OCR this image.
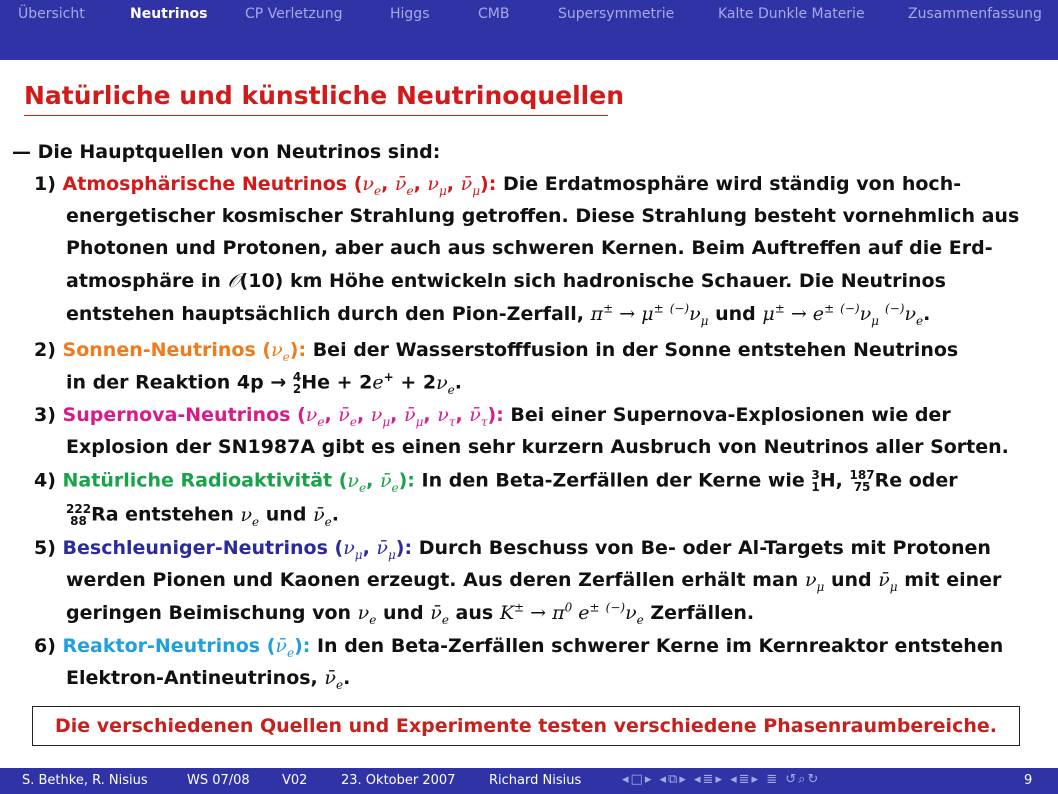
Übersicht	Neutrinos	CP Verletzung	Higgs	CMB	Supersymmetrie	Kalte Dunkle Materie	Zusammenfassung
Natürliche und künstliche Neutrinoquellen
— Die Hauptquellen von Neutrinos sind:
1) Atmosphärische Neutrinos ($\nu_e$, $\nū_e$, $\nu_\mu$, $\nū_\mu$): Die Erdatmosphäre wird ständig von hoch-
energetischer kosmischer Strahlung getroffen. Diese Strahlung besteht vornehmlich aus
Photonen und Protonen, aber auch aus schweren Kernen. Beim Auftreffen auf die Erd-
atmosphäre in 𝒪(10) km Höhe entwickeln sich hadronische Schauer. Die Neutrinos
entstehen hauptsächlich durch den Pion-Zerfall, π± → μ± $^{(-)}\nu_\mu$ und μ± → e± $^{(-)}\nu_\mu$ $^{(-)}\nu_e$.
2) Sonnen-Neutrinos $(\nu_e)$: Bei der Wasserstofffusion in der Sonne entstehen Neutrinos
in der Reaktion 4p → 4
$2He + 2e^+ + 2\nu_e$.
3) Supernova-Neutrinos ($\nu_e$, $\nū_e$, $\nu_\mu$, $\nū_\mu$, $\nu_\tau$, $\nū_\tau$): Bei einer Supernova-Explosionen wie der
Explosion der SN1987A gibt es einen sehr kurzern Ausbruch von Neutrinos aller Sorten.
4) Natürliche Radioaktivität ($\nu_e$, $\nū_e$): In den Beta-Zerfällen der Kerne wie 3
1H, 187
75 Re oder
222
88 Ra entstehen $\nu_e$ und $\nū_e$.
5) Beschleuniger-Neutrinos ($\nu_\mu$, $\nū_\mu$): Durch Beschuss von Be- oder Al-Targets mit Protonen
werden Pionen und Kaonen erzeugt. Aus deren Zerfällen erhält man $\nu_\mu$ und $\nū_\mu$ mit einer
geringen Beimischung von $\nu_e$ und $\nū_e$ aus $K^\pm \to \pi^0$ e± $^{(-)}\nu_e$ Zerfällen.
6) Reaktor-Neutrinos $(\nū_e)$: In den Beta-Zerfällen schwerer Kerne im Kernreaktor entstehen
Elektron-Antineutrinos, $\nū_e$.
Die verschiedenen Quellen und Experimente testen verschiedene Phasenraumbereiche.
S. Bethke, R. Nisius	WS 07/08 V02	23. Oktober 2007	Richard Nisius	◂□▸ ◂⧉▸ ◂≣▸ ◂≣▸ ≣ ↺⌕↻	9
